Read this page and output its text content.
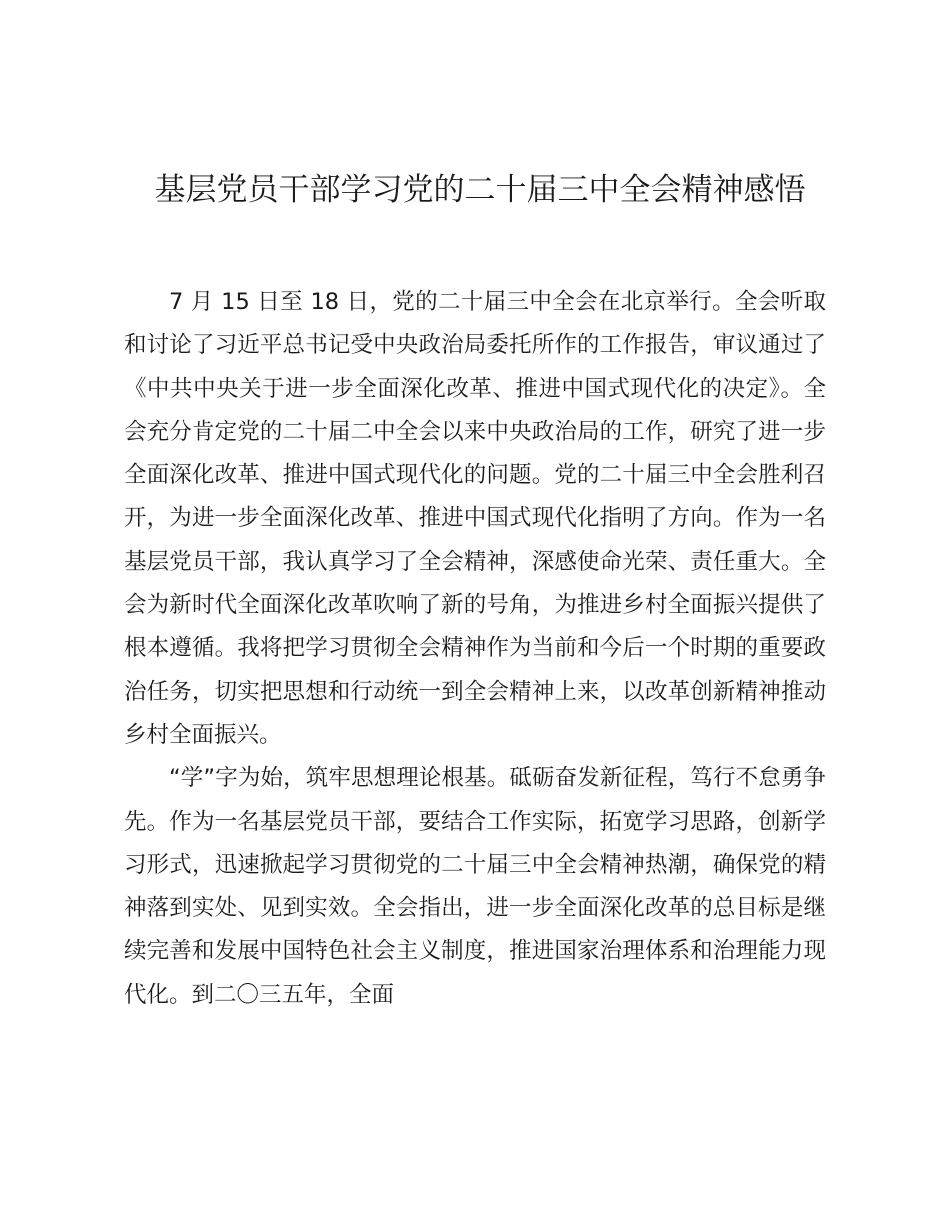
基层党员干部学习党的二十届三中全会精神感悟

7 月 15 日至 18 日，党的二十届三中全会在北京举行。全会听取和讨论了习近平总书记受中央政治局委托所作的工作报告，审议通过了《中共中央关于进一步全面深化改革、推进中国式现代化的决定》。全会充分肯定党的二十届二中全会以来中央政治局的工作，研究了进一步全面深化改革、推进中国式现代化的问题。党的二十届三中全会胜利召开，为进一步全面深化改革、推进中国式现代化指明了方向。作为一名基层党员干部，我认真学习了全会精神，深感使命光荣、责任重大。全会为新时代全面深化改革吹响了新的号角，为推进乡村全面振兴提供了根本遵循。我将把学习贯彻全会精神作为当前和今后一个时期的重要政治任务，切实把思想和行动统一到全会精神上来，以改革创新精神推动乡村全面振兴。

“学”字为始，筑牢思想理论根基。砥砺奋发新征程，笃行不怠勇争先。作为一名基层党员干部，要结合工作实际，拓宽学习思路，创新学习形式，迅速掀起学习贯彻党的二十届三中全会精神热潮，确保党的精神落到实处、见到实效。全会指出，进一步全面深化改革的总目标是继续完善和发展中国特色社会主义制度，推进国家治理体系和治理能力现代化。到二〇三五年，全面
